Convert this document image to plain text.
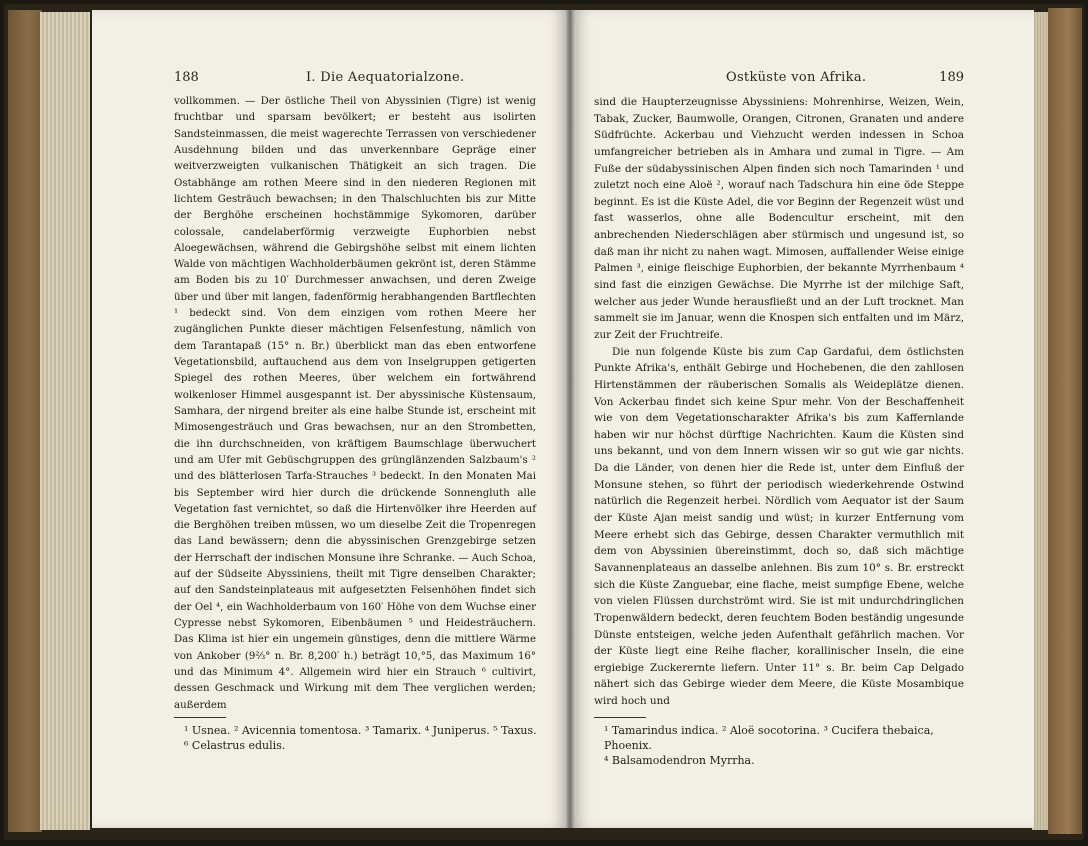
188	I. Die Aequatorialzone.

vollkommen. — Der östliche Theil von Abyssinien (Tigre) ist wenig fruchtbar und sparsam bevölkert; er besteht aus isolirten Sandsteinmassen, die meist wagerechte Terrassen von verschiedener Ausdehnung bilden und das unverkennbare Gepräge einer weitverzweigten vulkanischen Thätigkeit an sich tragen. Die Ostabhänge am rothen Meere sind in den niederen Regionen mit lichtem Gesträuch bewachsen; in den Thalschluchten bis zur Mitte der Berghöhe erscheinen hochstämmige Sykomoren, darüber colossale, candelaberförmig verzweigte Euphorbien nebst Aloegewächsen, während die Gebirgshöhe selbst mit einem lichten Walde von mächtigen Wachholderbäumen gekrönt ist, deren Stämme am Boden bis zu 10′ Durchmesser anwachsen, und deren Zweige über und über mit langen, fadenförmig herabhangenden Bartflechten ¹ bedeckt sind. Von dem einzigen vom rothen Meere her zugänglichen Punkte dieser mächtigen Felsenfestung, nämlich von dem Tarantapaß (15° n. Br.) überblickt man das eben entworfene Vegetationsbild, auftauchend aus dem von Inselgruppen getigerten Spiegel des rothen Meeres, über welchem ein fortwährend wolkenloser Himmel ausgespannt ist. Der abyssinische Küstensaum, Samhara, der nirgend breiter als eine halbe Stunde ist, erscheint mit Mimosengesträuch und Gras bewachsen, nur an den Strombetten, die ihn durchschneiden, von kräftigem Baumschlage überwuchert und am Ufer mit Gebüschgruppen des grünglänzenden Salzbaum's ² und des blätterlosen Tarfa-Strauches ³ bedeckt. In den Monaten Mai bis September wird hier durch die drückende Sonnengluth alle Vegetation fast vernichtet, so daß die Hirtenvölker ihre Heerden auf die Berghöhen treiben müssen, wo um dieselbe Zeit die Tropenregen das Land bewässern; denn die abyssinischen Grenzgebirge setzen der Herrschaft der indischen Monsune ihre Schranke. — Auch Schoa, auf der Südseite Abyssiniens, theilt mit Tigre denselben Charakter; auf den Sandsteinplateaus mit aufgesetzten Felsenhöhen findet sich der Oel ⁴, ein Wachholderbaum von 160′ Höhe von dem Wuchse einer Cypresse nebst Sykomoren, Eibenbäumen ⁵ und Heidesträuchern. Das Klima ist hier ein ungemein günstiges, denn die mittlere Wärme von Ankober (9⅔° n. Br. 8,200′ h.) beträgt 10,°5, das Maximum 16° und das Minimum 4°. Allgemein wird hier ein Strauch ⁶ cultivirt, dessen Geschmack und Wirkung mit dem Thee verglichen werden; außerdem

¹ Usnea. ² Avicennia tomentosa. ³ Tamarix. ⁴ Juniperus. ⁵ Taxus.
⁶ Celastrus edulis.
Ostküste von Afrika.	189

sind die Haupterzeugnisse Abyssiniens: Mohrenhirse, Weizen, Wein, Tabak, Zucker, Baumwolle, Orangen, Citronen, Granaten und andere Südfrüchte. Ackerbau und Viehzucht werden indessen in Schoa umfangreicher betrieben als in Amhara und zumal in Tigre. — Am Fuße der südabyssinischen Alpen finden sich noch Tamarinden ¹ und zuletzt noch eine Aloë ², worauf nach Tadschura hin eine öde Steppe beginnt. Es ist die Küste Adel, die vor Beginn der Regenzeit wüst und fast wasserlos, ohne alle Bodencultur erscheint, mit den anbrechenden Niederschlägen aber stürmisch und ungesund ist, so daß man ihr nicht zu nahen wagt. Mimosen, auffallender Weise einige Palmen ³, einige fleischige Euphorbien, der bekannte Myrrhenbaum ⁴ sind fast die einzigen Gewächse. Die Myrrhe ist der milchige Saft, welcher aus jeder Wunde herausfließt und an der Luft trocknet. Man sammelt sie im Januar, wenn die Knospen sich entfalten und im März, zur Zeit der Fruchtreife.

Die nun folgende Küste bis zum Cap Gardafui, dem östlichsten Punkte Afrika's, enthält Gebirge und Hochebenen, die den zahllosen Hirtenstämmen der räuberischen Somalis als Weideplätze dienen. Von Ackerbau findet sich keine Spur mehr. Von der Beschaffenheit wie von dem Vegetationscharakter Afrika's bis zum Kaffernlande haben wir nur höchst dürftige Nachrichten. Kaum die Küsten sind uns bekannt, und von dem Innern wissen wir so gut wie gar nichts. Da die Länder, von denen hier die Rede ist, unter dem Einfluß der Monsune stehen, so führt der periodisch wiederkehrende Ostwind natürlich die Regenzeit herbei. Nördlich vom Aequator ist der Saum der Küste Ajan meist sandig und wüst; in kurzer Entfernung vom Meere erhebt sich das Gebirge, dessen Charakter vermuthlich mit dem von Abyssinien übereinstimmt, doch so, daß sich mächtige Savannenplateaus an dasselbe anlehnen. Bis zum 10° s. Br. erstreckt sich die Küste Zanguebar, eine flache, meist sumpfige Ebene, welche von vielen Flüssen durchströmt wird. Sie ist mit undurchdringlichen Tropenwäldern bedeckt, deren feuchtem Boden beständig ungesunde Dünste entsteigen, welche jeden Aufenthalt gefährlich machen. Vor der Küste liegt eine Reihe flacher, korallinischer Inseln, die eine ergiebige Zuckerernte liefern. Unter 11° s. Br. beim Cap Delgado nähert sich das Gebirge wieder dem Meere, die Küste Mosambique wird hoch und

¹ Tamarindus indica. ² Aloë socotorina. ³ Cucifera thebaica, Phoenix.
⁴ Balsamodendron Myrrha.
